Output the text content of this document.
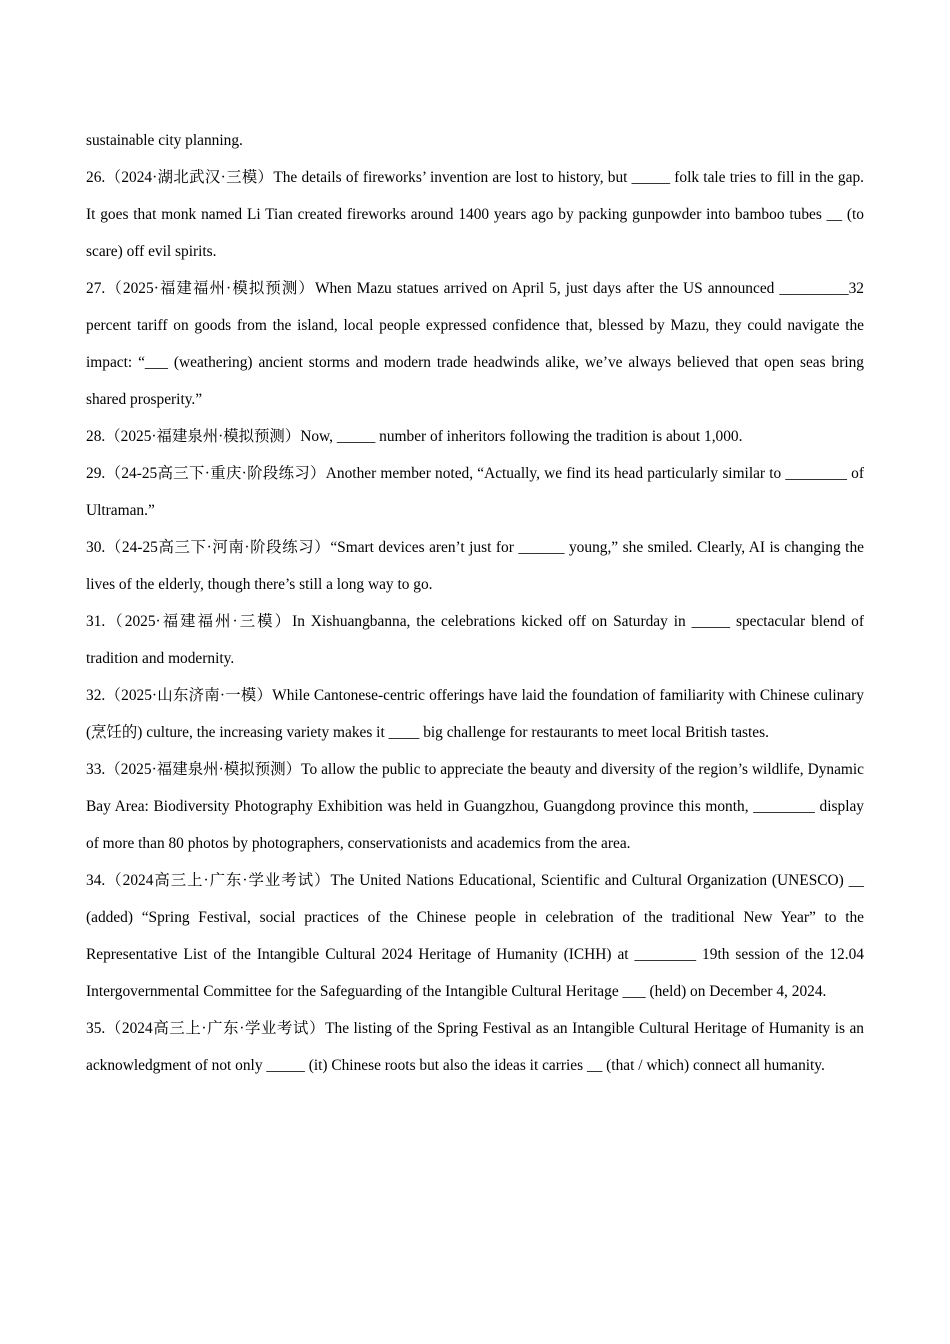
sustainable city planning.

26.（2024·湖北武汉·三模）The details of fireworks’ invention are lost to history, but _____ folk tale tries to fill in the gap. It goes that monk named Li Tian created fireworks around 1400 years ago by packing gunpowder into bamboo tubes __ (to scare) off evil spirits.

27.（2025·福建福州·模拟预测）When Mazu statues arrived on April 5, just days after the US announced _________32 percent tariff on goods from the island, local people expressed confidence that, blessed by Mazu, they could navigate the impact: “___ (weathering) ancient storms and modern trade headwinds alike, we’ve always believed that open seas bring shared prosperity.”

28.（2025·福建泉州·模拟预测）Now, _____ number of inheritors following the tradition is about 1,000.

29.（24-25高三下·重庆·阶段练习）Another member noted, “Actually, we find its head particularly similar to ________ of Ultraman.”

30.（24-25高三下·河南·阶段练习）“Smart devices aren’t just for ______ young,” she smiled. Clearly, AI is changing the lives of the elderly, though there’s still a long way to go.

31.（2025·福建福州·三模）In Xishuangbanna, the celebrations kicked off on Saturday in _____ spectacular blend of tradition and modernity.

32.（2025·山东济南·一模）While Cantonese-centric offerings have laid the foundation of familiarity with Chinese culinary (烹饪的) culture, the increasing variety makes it ____ big challenge for restaurants to meet local British tastes.

33.（2025·福建泉州·模拟预测）To allow the public to appreciate the beauty and diversity of the region’s wildlife, Dynamic Bay Area: Biodiversity Photography Exhibition was held in Guangzhou, Guangdong province this month, ________ display of more than 80 photos by photographers, conservationists and academics from the area.

34.（2024高三上·广东·学业考试）The United Nations Educational, Scientific and Cultural Organization (UNESCO) __ (added) “Spring Festival, social practices of the Chinese people in celebration of the traditional New Year” to the Representative List of the Intangible Cultural 2024 Heritage of Humanity (ICHH) at ________ 19th session of the 12.04 Intergovernmental Committee for the Safeguarding of the Intangible Cultural Heritage ___ (held) on December 4, 2024.

35.（2024高三上·广东·学业考试）The listing of the Spring Festival as an Intangible Cultural Heritage of Humanity is an acknowledgment of not only _____ (it) Chinese roots but also the ideas it carries __ (that / which) connect all humanity.
